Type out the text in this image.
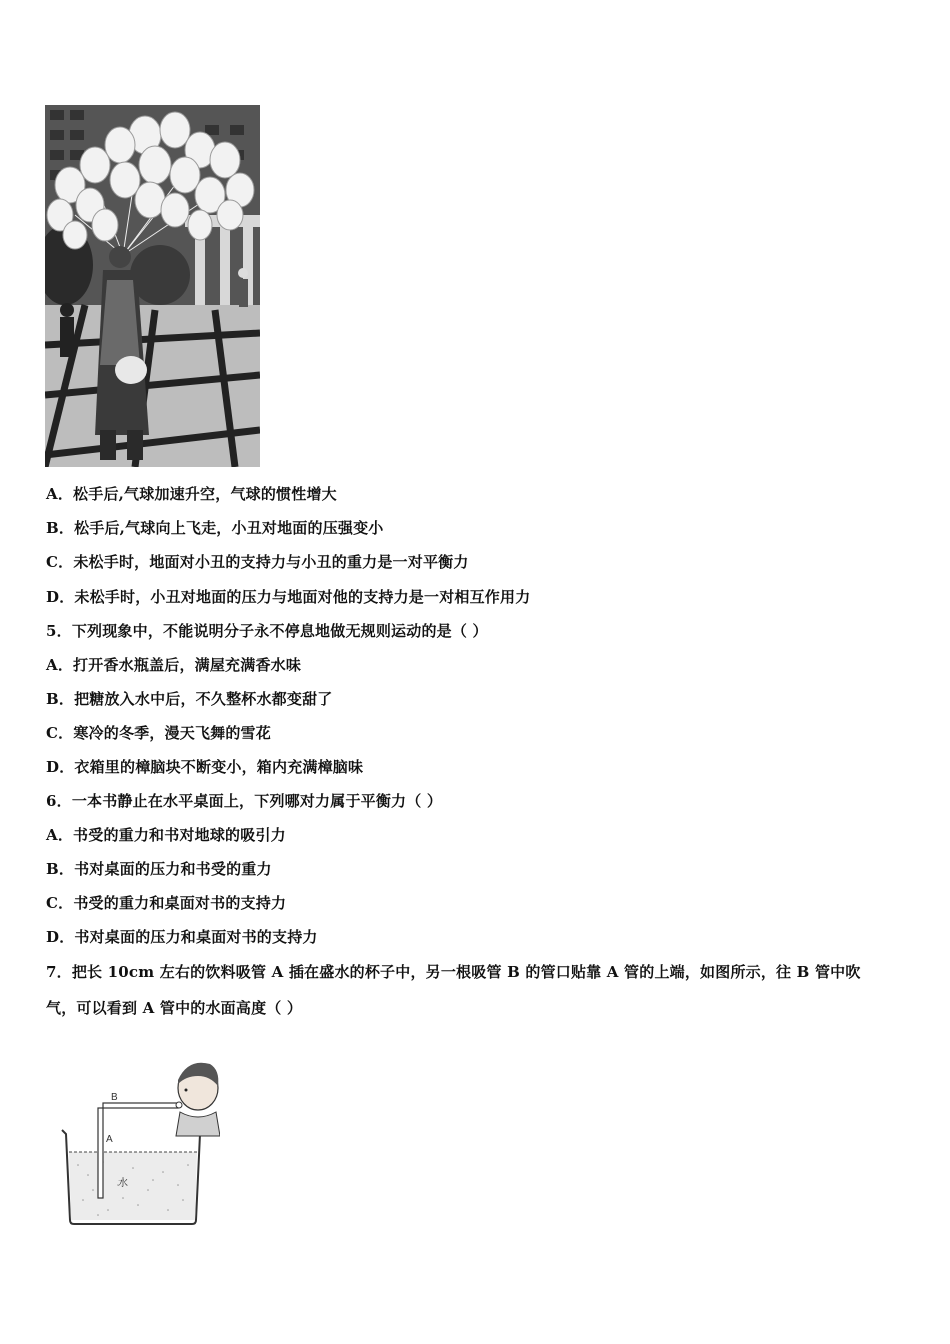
A．松手后,气球加速升空，气球的惯性增大
B．松手后,气球向上飞走，小丑对地面的压强变小
C．未松手时，地面对小丑的支持力与小丑的重力是一对平衡力
D．未松手时，小丑对地面的压力与地面对他的支持力是一对相互作用力
5．下列现象中，不能说明分子永不停息地做无规则运动的是（ ）
A．打开香水瓶盖后，满屋充满香水味
B．把糖放入水中后，不久整杯水都变甜了
C．寒冷的冬季，漫天飞舞的雪花
D．衣箱里的樟脑块不断变小，箱内充满樟脑味
6．一本书静止在水平桌面上，下列哪对力属于平衡力（ ）
A．书受的重力和书对地球的吸引力
B．书对桌面的压力和书受的重力
C．书受的重力和桌面对书的支持力
D．书对桌面的压力和桌面对书的支持力
7．把长 10cm 左右的饮料吸管 A 插在盛水的杯子中，另一根吸管 B 的管口贴靠 A 管的上端，如图所示，往 B 管中吹
气，可以看到 A 管中的水面高度（ ）
B
A
水
